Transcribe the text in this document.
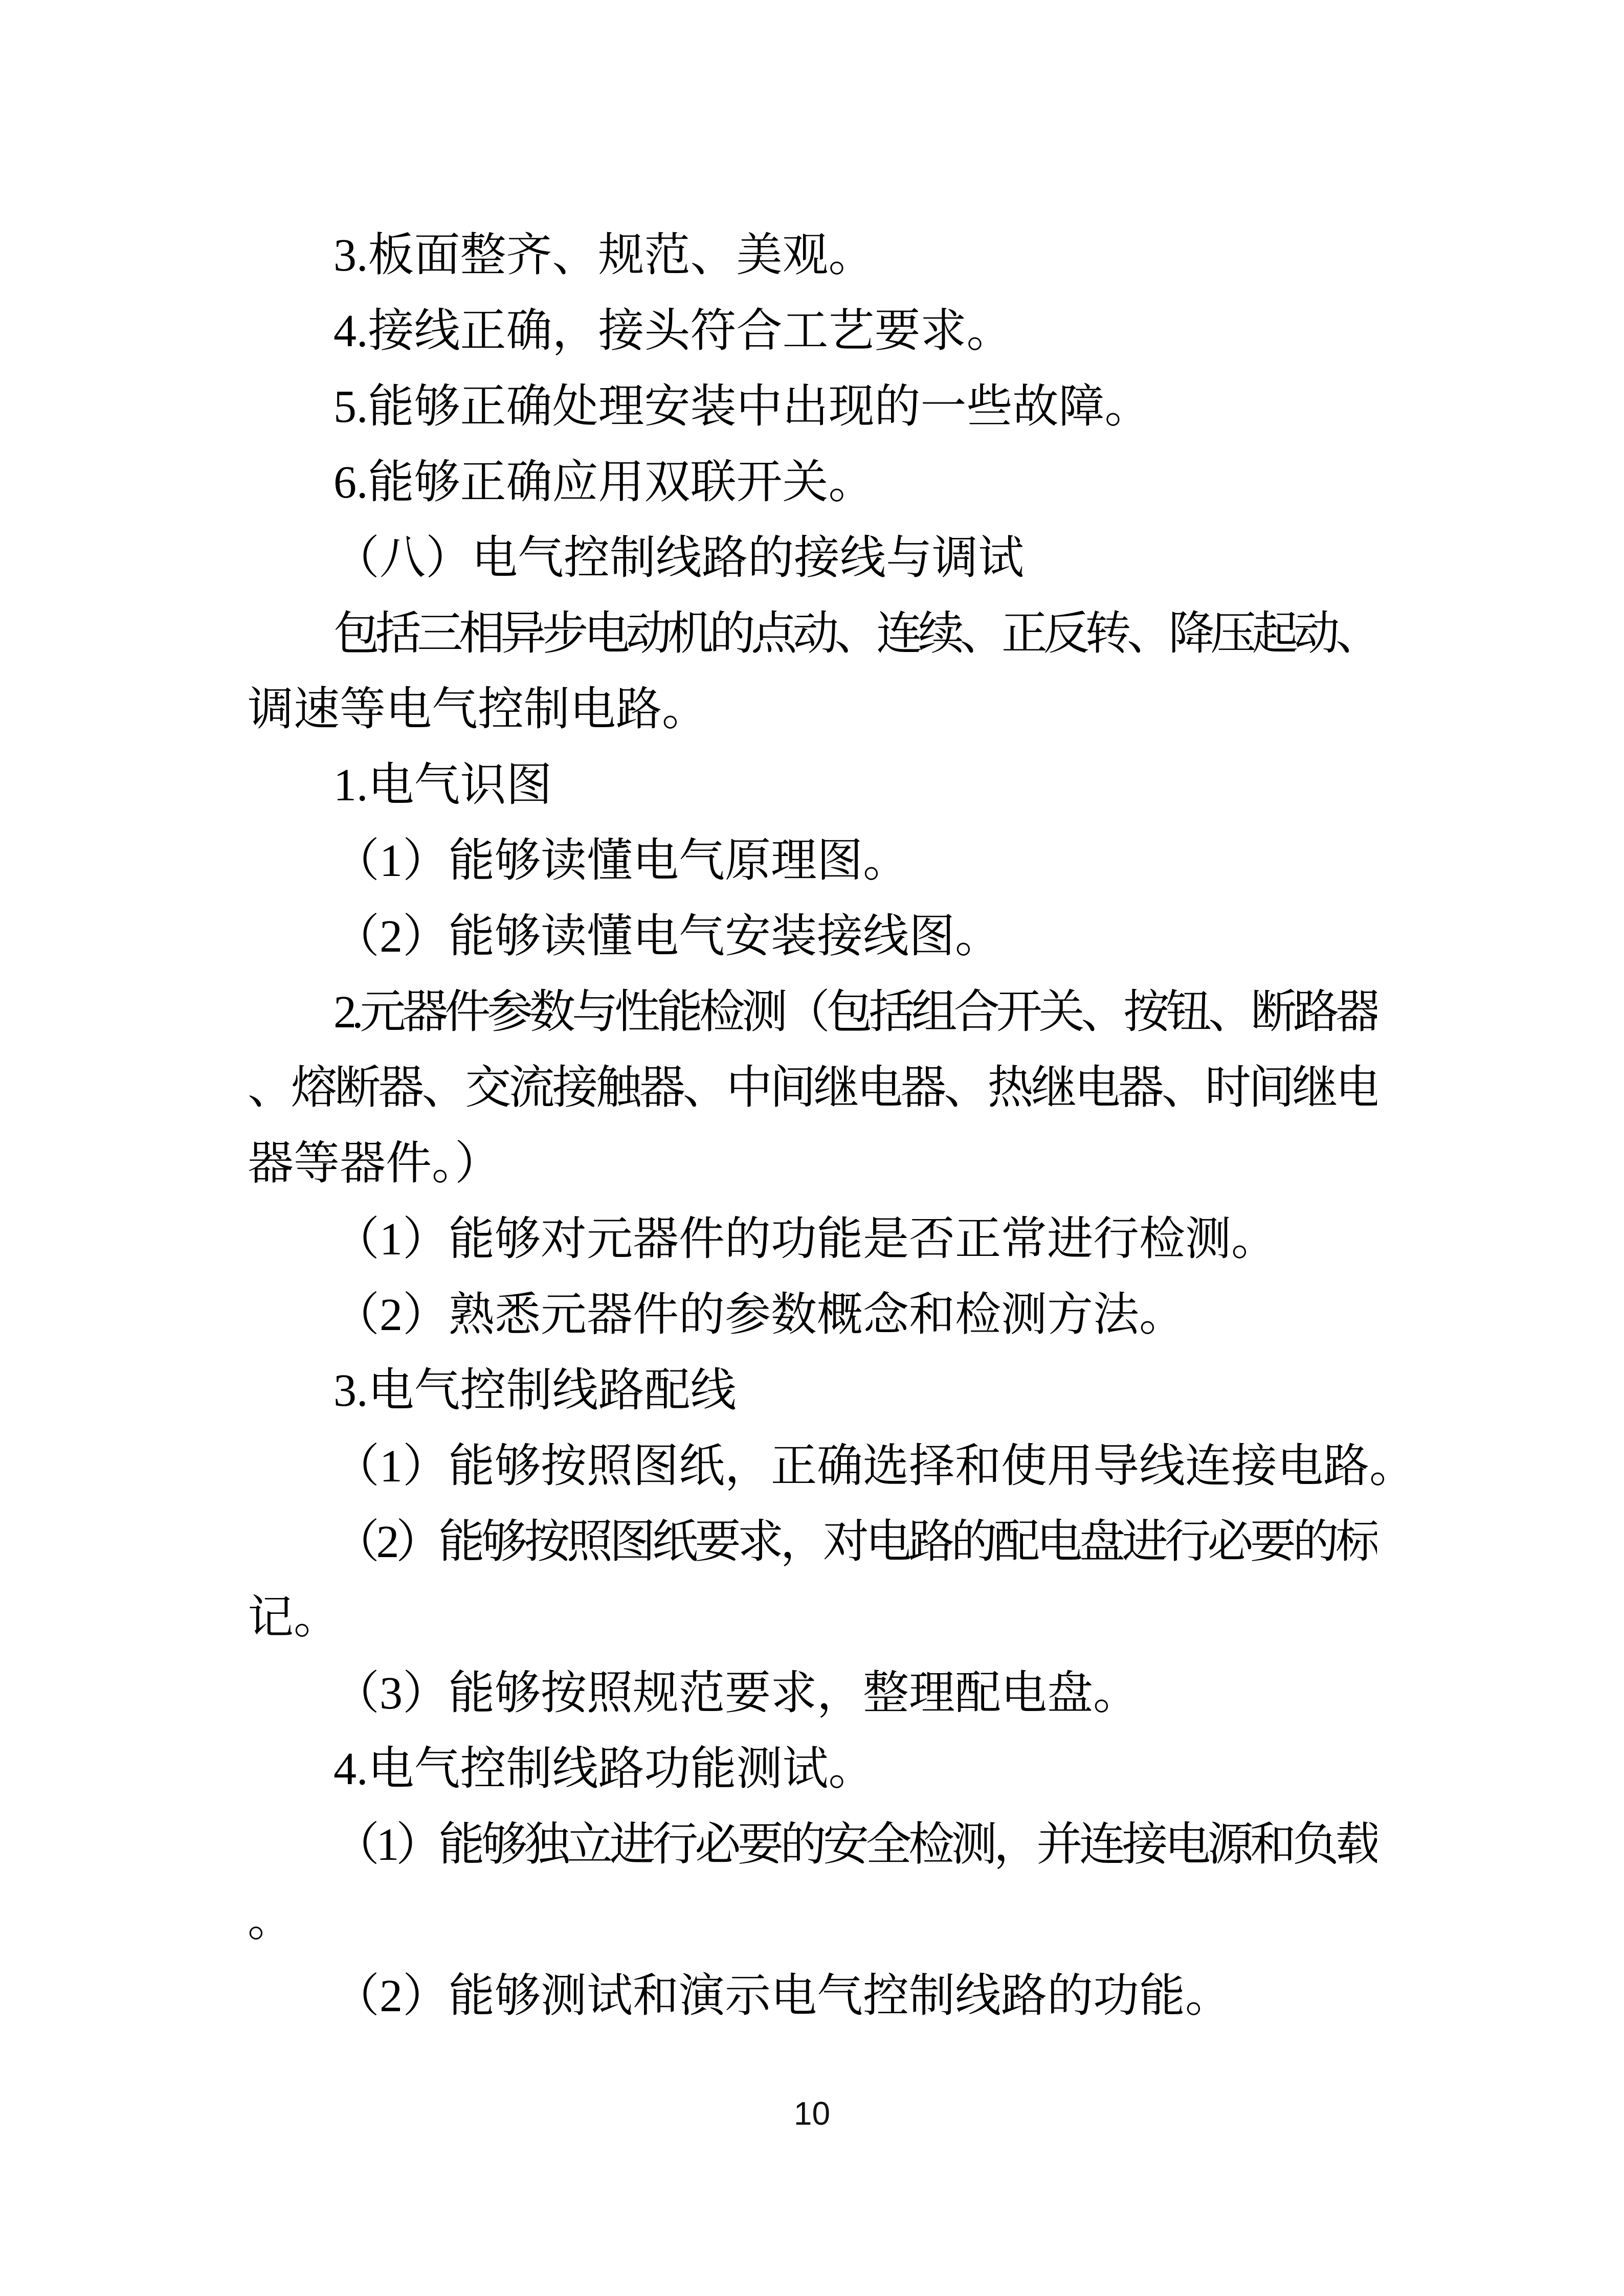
3.板面整齐、规范、美观。
4.接线正确，接头符合工艺要求。
5.能够正确处理安装中出现的一些故障。
6.能够正确应用双联开关。
（八）电气控制线路的接线与调试
包括三相异步电动机的点动、连续、正反转、降压起动、
调速等电气控制电路。
1.电气识图
（1）能够读懂电气原理图。
（2）能够读懂电气安装接线图。
2.元器件参数与性能检测（包括组合开关、按钮、断路器
、熔断器、交流接触器、中间继电器、热继电器、时间继电
器等器件。）
（1）能够对元器件的功能是否正常进行检测。
（2）熟悉元器件的参数概念和检测方法。
3.电气控制线路配线
（1）能够按照图纸，正确选择和使用导线连接电路。
（2）能够按照图纸要求，对电路的配电盘进行必要的标
记。
（3）能够按照规范要求，整理配电盘。
4.电气控制线路功能测试。
（1）能够独立进行必要的安全检测，并连接电源和负载
。
（2）能够测试和演示电气控制线路的功能。
10
